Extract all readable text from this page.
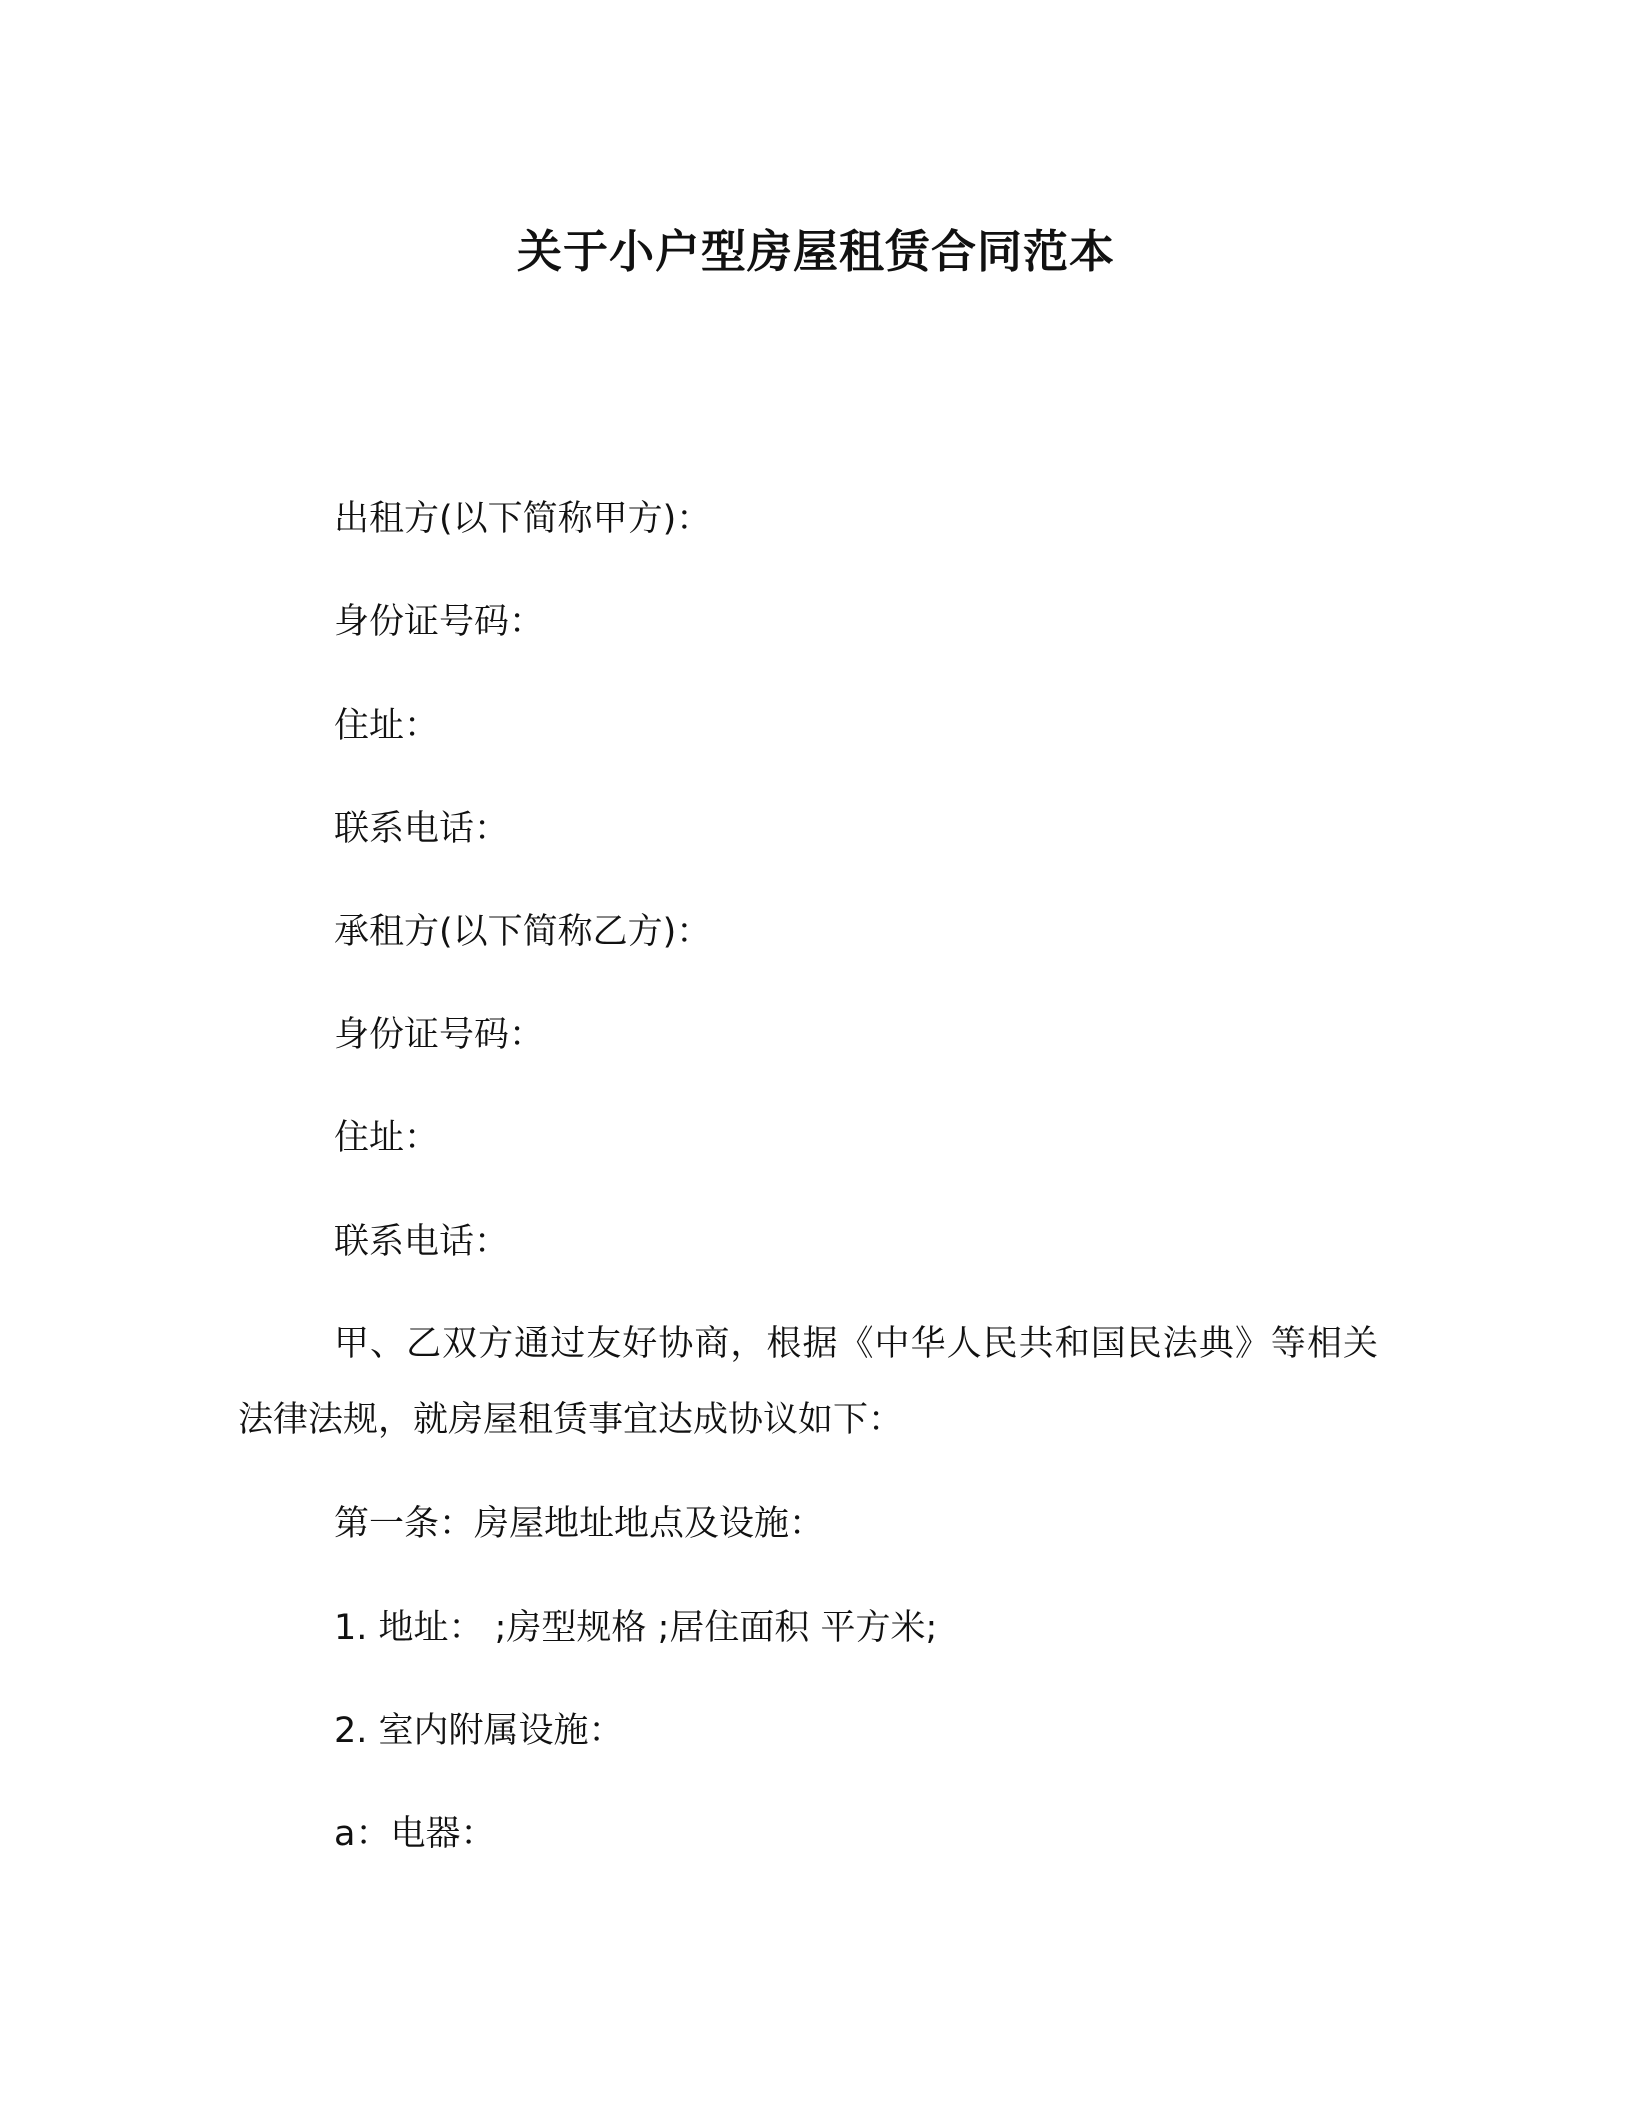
关于小户型房屋租赁合同范本

出租方(以下简称甲方)：

身份证号码：

住址：

联系电话：

承租方(以下简称乙方)：

身份证号码：

住址：

联系电话：

甲、乙双方通过友好协商，根据《中华人民共和国民法典》等相关法律法规，就房屋租赁事宜达成协议如下：

第一条：房屋地址地点及设施：

1. 地址： ;房型规格 ;居住面积 平方米;

2. 室内附属设施：

a：电器：
